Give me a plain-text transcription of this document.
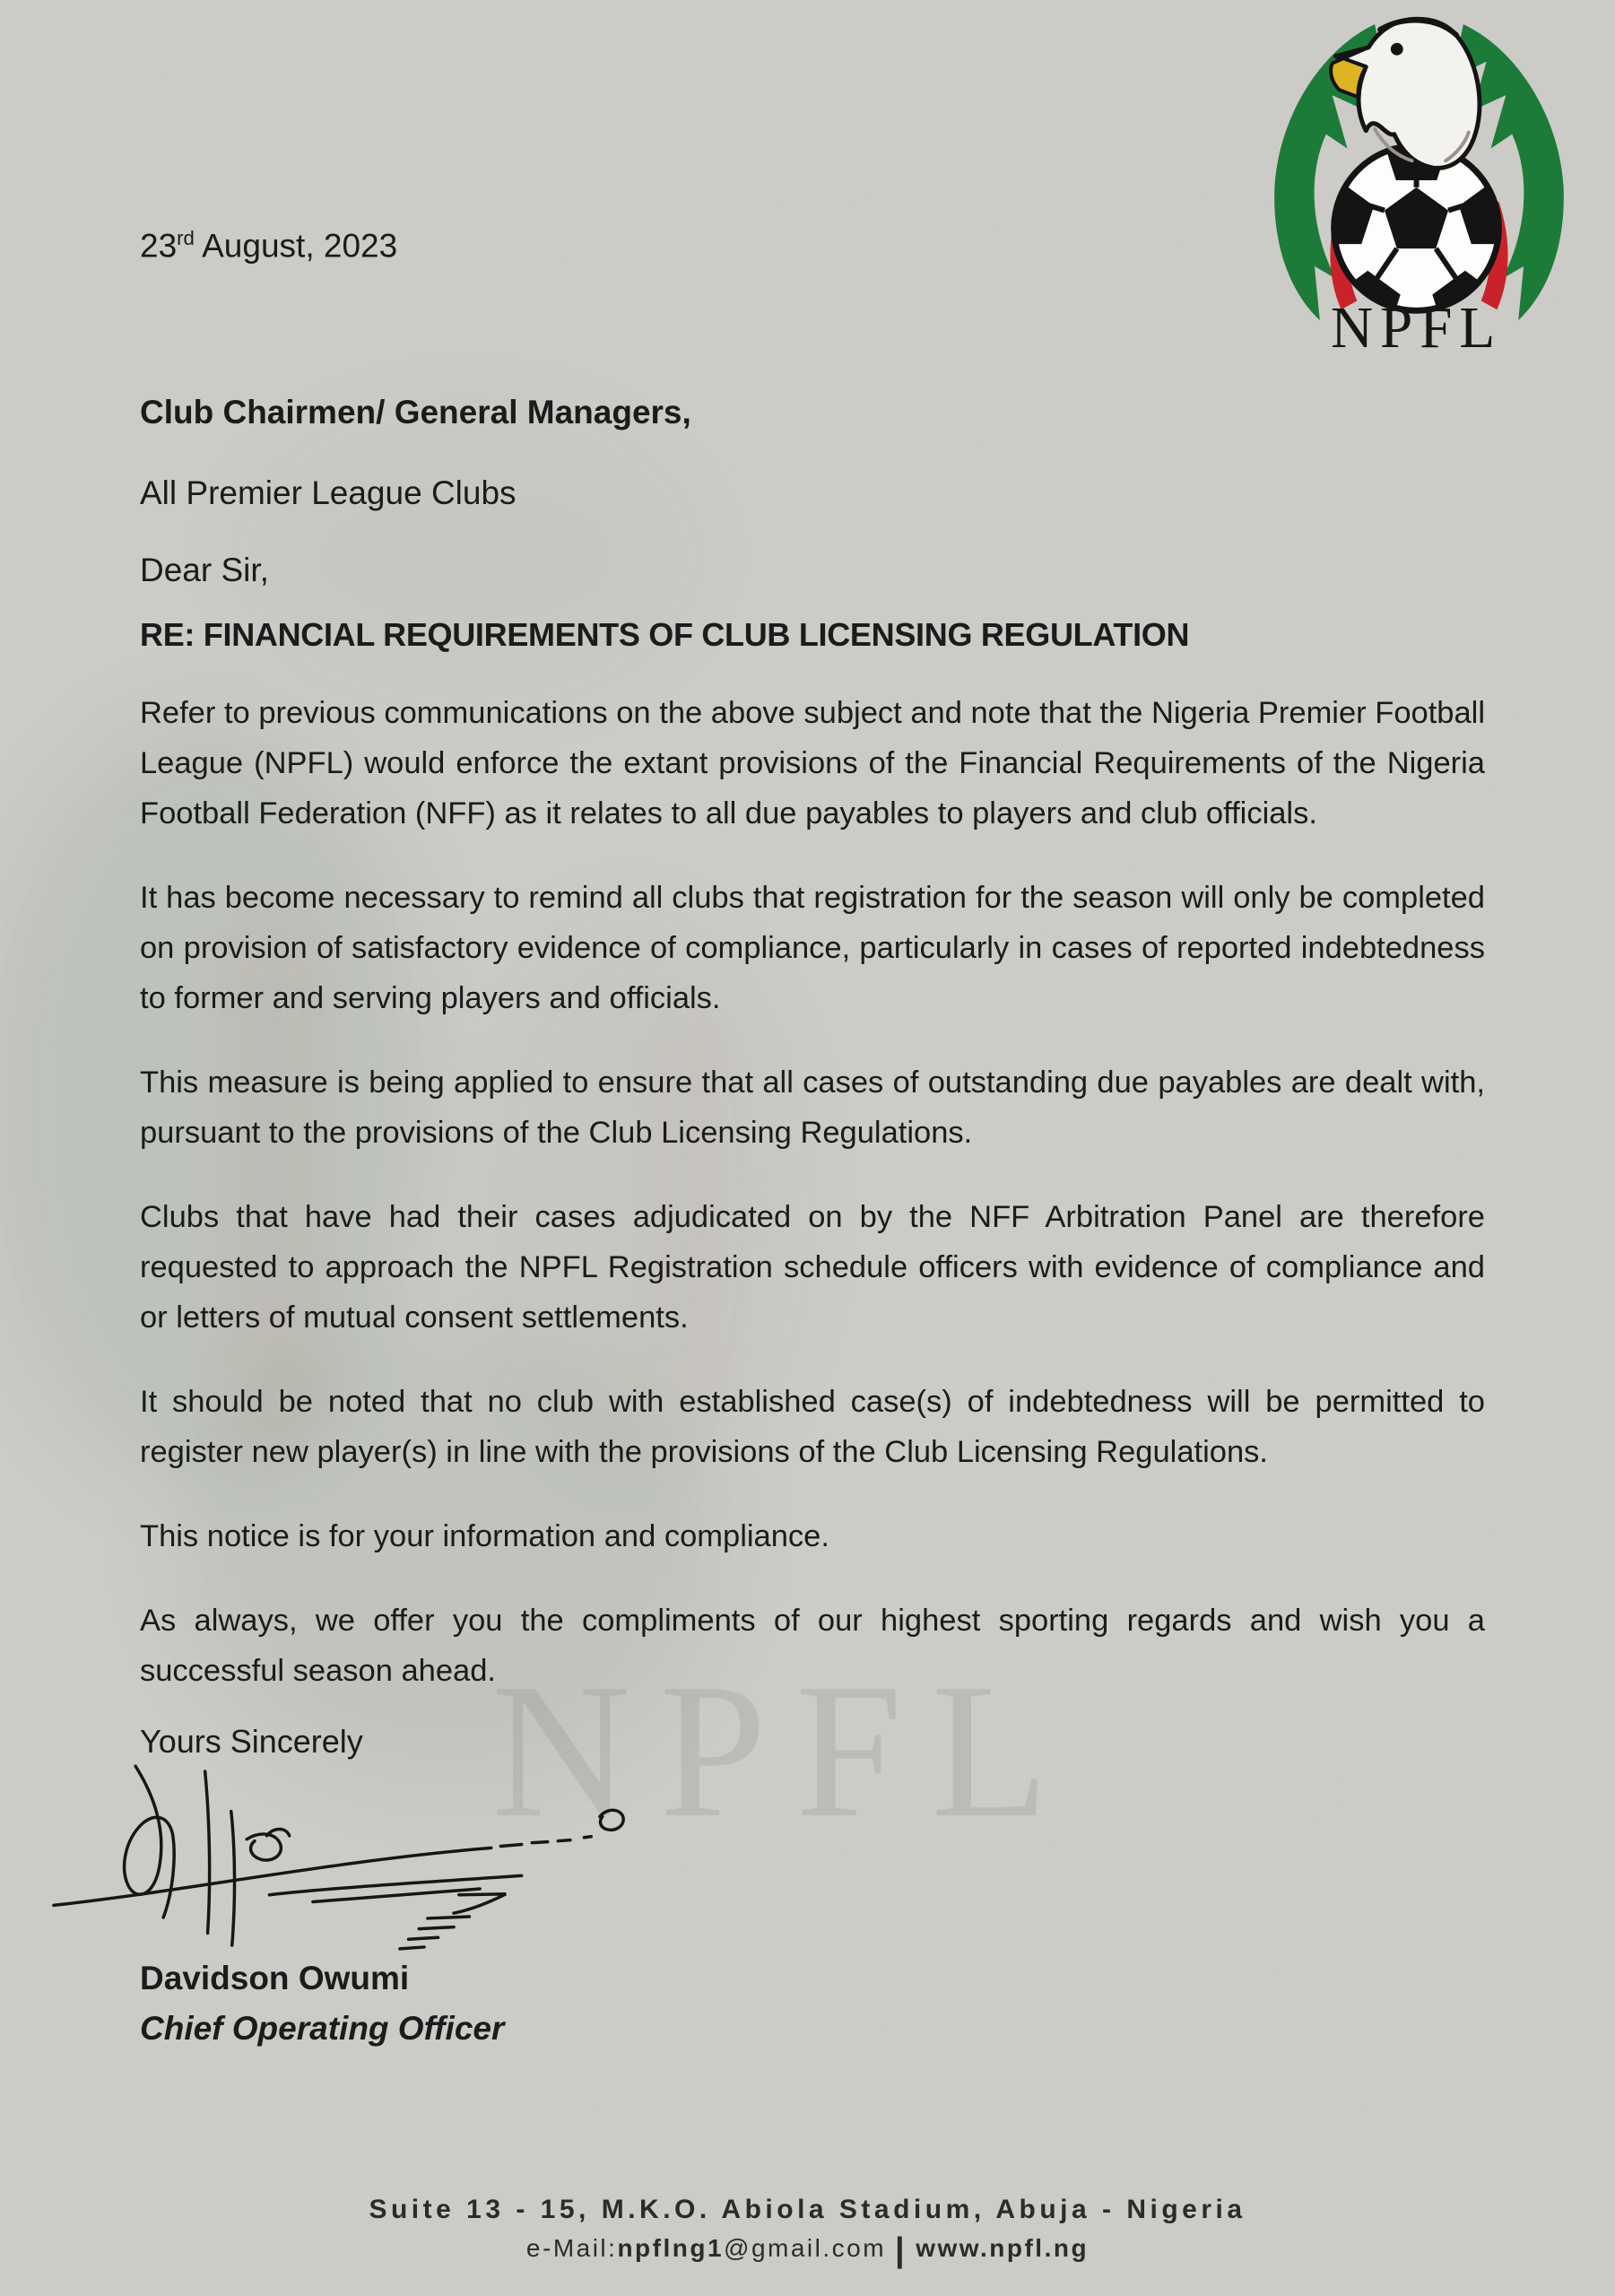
NPFL
NPFL
23rd August, 2023
Club Chairmen/ General Managers,
All Premier League Clubs
Dear Sir,
RE: FINANCIAL REQUIREMENTS OF CLUB LICENSING REGULATION

Refer to previous communications on the above subject and note that the Nigeria Premier Football League (NPFL) would enforce the extant provisions of the Financial Requirements of the Nigeria Football Federation (NFF) as it relates to all due payables to players and club officials.

It has become necessary to remind all clubs that registration for the season will only be completed on provision of satisfactory evidence of compliance, particularly in cases of reported indebtedness to former and serving players and officials.

This measure is being applied to ensure that all cases of outstanding due payables are dealt with, pursuant to the provisions of the Club Licensing Regulations.

Clubs that have had their cases adjudicated on by the NFF Arbitration Panel are therefore requested to approach the NPFL Registration schedule officers with evidence of compliance and or letters of mutual consent settlements.

It should be noted that no club with established case(s) of indebtedness will be permitted to register new player(s) in line with the provisions of the Club Licensing Regulations.

This notice is for your information and compliance.

As always, we offer you the compliments of our highest sporting regards and wish you a successful season ahead.

Yours Sincerely
Davidson Owumi
Chief Operating Officer
Suite 13 - 15, M.K.O. Abiola Stadium, Abuja - Nigeria
e-Mail:npflng1@gmail.com | www.npfl.ng
